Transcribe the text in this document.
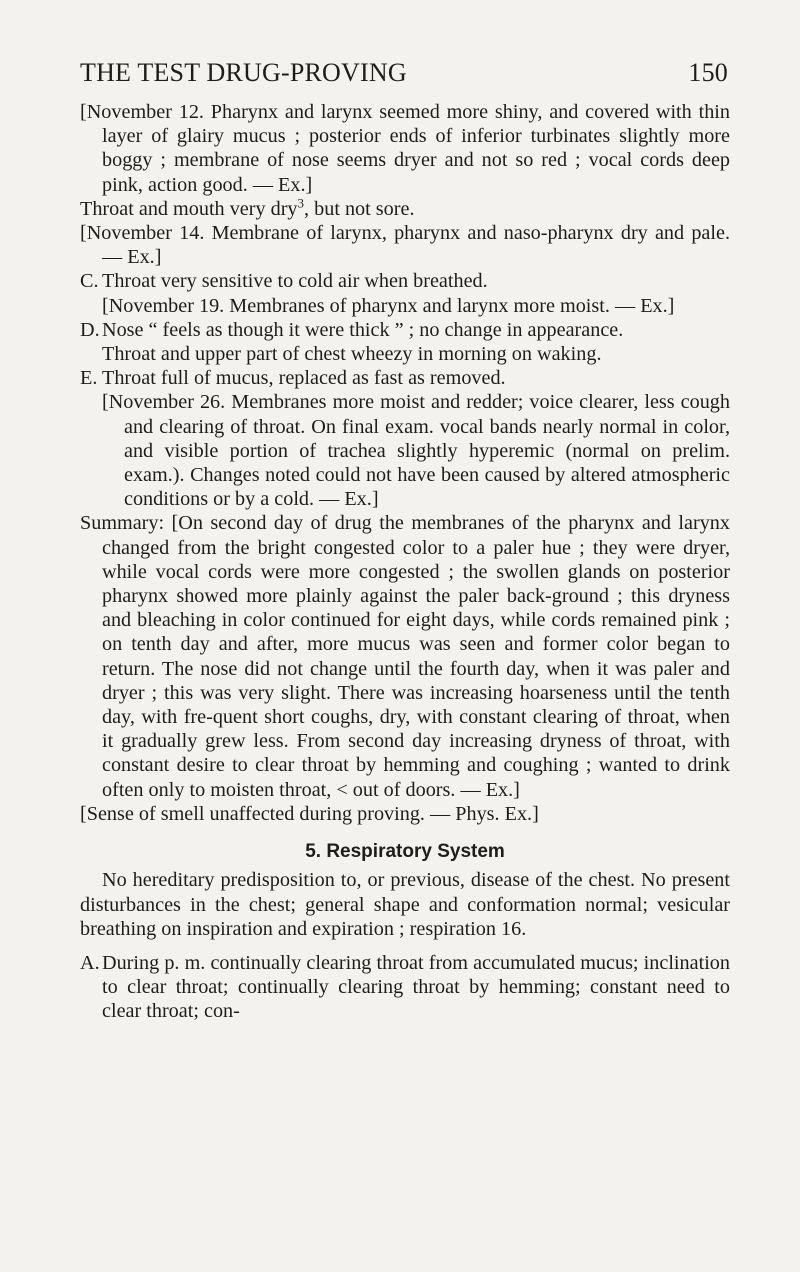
THE TEST DRUG-PROVING	150

[November 12. Pharynx and larynx seemed more shiny, and covered with thin layer of glairy mucus ; posterior ends of inferior turbinates slightly more boggy ; membrane of nose seems dryer and not so red ; vocal cords deep pink, action good. — Ex.]

Throat and mouth very dry$^3$, but not sore.

[November 14. Membrane of larynx, pharynx and naso-pharynx dry and pale. — Ex.]

C. Throat very sensitive to cold air when breathed.

[November 19. Membranes of pharynx and larynx more moist. — Ex.]

D. Nose “ feels as though it were thick ” ; no change in appearance.

Throat and upper part of chest wheezy in morning on waking.

E. Throat full of mucus, replaced as fast as removed.

[November 26. Membranes more moist and redder; voice clearer, less cough and clearing of throat. On final exam. vocal bands nearly normal in color, and visible portion of trachea slightly hyperemic (normal on prelim. exam.). Changes noted could not have been caused by altered atmospheric conditions or by a cold. — Ex.]

Summary: [On second day of drug the membranes of the pharynx and larynx changed from the bright congested color to a paler hue ; they were dryer, while vocal cords were more congested ; the swollen glands on posterior pharynx showed more plainly against the paler back-ground ; this dryness and bleaching in color continued for eight days, while cords remained pink ; on tenth day and after, more mucus was seen and former color began to return. The nose did not change until the fourth day, when it was paler and dryer ; this was very slight. There was increasing hoarseness until the tenth day, with fre-quent short coughs, dry, with constant clearing of throat, when it gradually grew less. From second day increasing dryness of throat, with constant desire to clear throat by hemming and coughing ; wanted to drink often only to moisten throat, < out of doors. — Ex.]

[Sense of smell unaffected during proving. — Phys. Ex.]

5. Respiratory System

No hereditary predisposition to, or previous, disease of the chest. No present disturbances in the chest; general shape and conformation normal; vesicular breathing on inspiration and expiration ; respiration 16.

A. During p. m. continually clearing throat from accumulated mucus; inclination to clear throat; continually clearing throat by hemming; constant need to clear throat; con-
